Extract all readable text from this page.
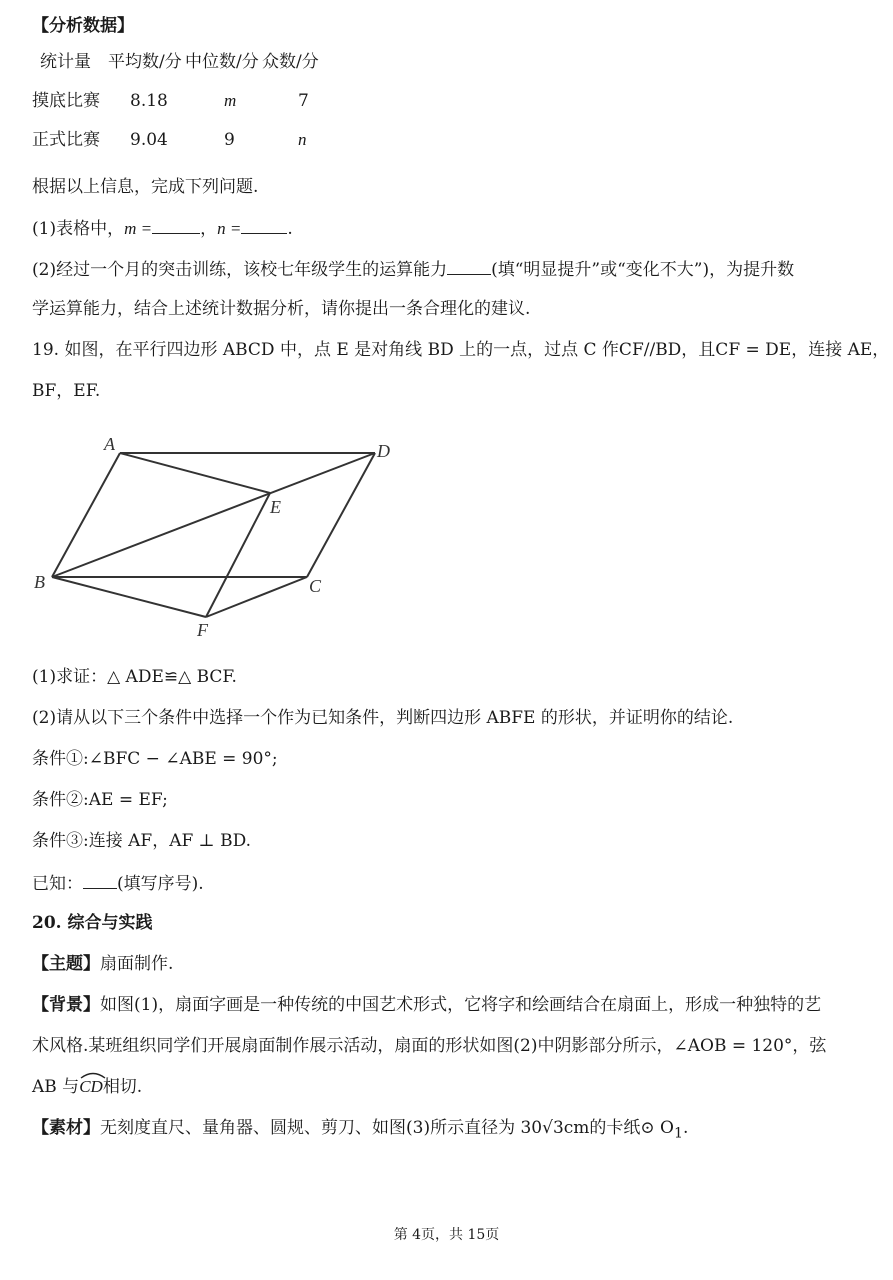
【分析数据】
统计量 平均数/分 中位数/分 众数/分
摸底比赛 8.18	m	7
正式比赛 9.04	9	n
根据以上信息，完成下列问题.
(1)表格中，m =	，n =	.
(2)经过一个月的突击训练，该校七年级学生的运算能力	(填“明显提升”或“变化不大”)，为提升数
学运算能力，结合上述统计数据分析，请你提出一条合理化的建议.
19. 如图，在平行四边形 ABCD 中，点 E 是对角线 BD 上的一点，过点 C 作CF//BD，且CF = DE，连接 AE，
BF，EF.
A	D
E
B	C
F
(1)求证：△ ADE≌△ BCF.
(2)请从以下三个条件中选择一个作为已知条件，判断四边形 ABFE 的形状，并证明你的结论.
条件①:∠BFC − ∠ABE = 90°;
条件②:AE = EF;
条件③:连接 AF，AF ⊥ BD.
已知： (填写序号).
20. 综合与实践
【主题】扇面制作.
【背景】如图(1)，扇面字画是一种传统的中国艺术形式，它将字和绘画结合在扇面上，形成一种独特的艺
术风格.某班组织同学们开展扇面制作展示活动，扇面的形状如图(2)中阴影部分所示，∠AOB = 120°，弦
AB 与
CD相切.
【素材】无刻度直尺、量角器、圆规、剪刀、如图(3)所示直径为 30√3cm的卡纸⊙ $O_1$.
第 4页，共 15页
